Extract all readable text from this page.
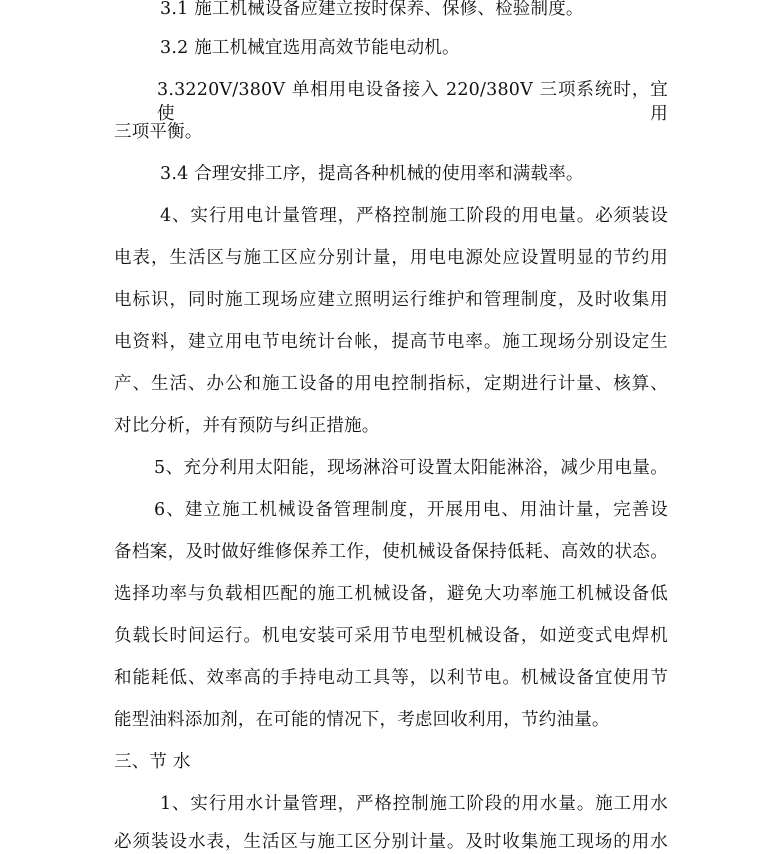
3.1 施工机械设备应建立按时保养、保修、检验制度。
3.2 施工机械宜选用高效节能电动机。
3.3220V/380V 单相用电设备接入 220/380V 三项系统时，宜使用
三项平衡。
3.4 合理安排工序，提高各种机械的使用率和满载率。
4、实行用电计量管理，严格控制施工阶段的用电量。必须装设
电表，生活区与施工区应分别计量，用电电源处应设置明显的节约用
电标识，同时施工现场应建立照明运行维护和管理制度，及时收集用
电资料，建立用电节电统计台帐，提高节电率。施工现场分别设定生
产、生活、办公和施工设备的用电控制指标，定期进行计量、核算、
对比分析，并有预防与纠正措施。
5、充分利用太阳能，现场淋浴可设置太阳能淋浴，减少用电量。
6、建立施工机械设备管理制度，开展用电、用油计量，完善设
备档案，及时做好维修保养工作，使机械设备保持低耗、高效的状态。
选择功率与负载相匹配的施工机械设备，避免大功率施工机械设备低
负载长时间运行。机电安装可采用节电型机械设备，如逆变式电焊机
和能耗低、效率高的手持电动工具等，以利节电。机械设备宜使用节
能型油料添加剂，在可能的情况下，考虑回收利用，节约油量。
三、节 水
1、实行用水计量管理，严格控制施工阶段的用水量。施工用水
必须装设水表，生活区与施工区分别计量。及时收集施工现场的用水
